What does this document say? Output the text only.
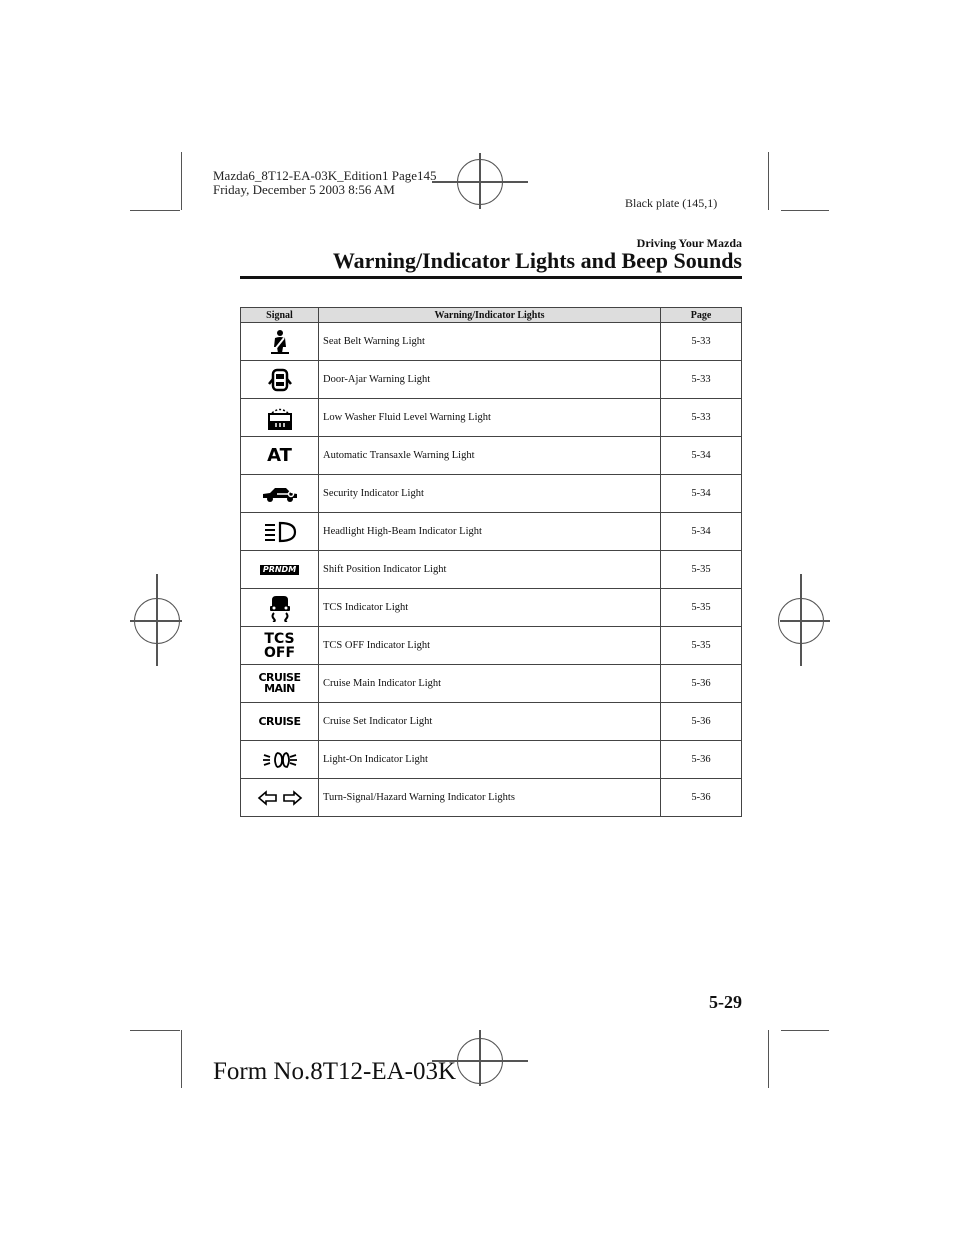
Mazda6_8T12-EA-03K_Edition1 Page145
Friday, December 5 2003 8:56 AM
Black plate (145,1)
Driving Your Mazda
Warning/Indicator Lights and Beep Sounds
Signal	Warning/Indicator Lights	Page

	Seat Belt Warning Light	5-33

	Door-Ajar Warning Light	5-33

	Low Washer Fluid Level Warning Light	5-33
AT	Automatic Transaxle Warning Light	5-34

	Security Indicator Light	5-34

	Headlight High-Beam Indicator Light	5-34
PRNDM	Shift Position Indicator Light	5-35

	TCS Indicator Light	5-35
TCS
OFF	TCS OFF Indicator Light	5-35
CRUISE
MAIN	Cruise Main Indicator Light	5-36
CRUISE	Cruise Set Indicator Light	5-36

	Light-On Indicator Light	5-36

	Turn-Signal/Hazard Warning Indicator Lights	5-36
5-29
Form No.8T12-EA-03K
